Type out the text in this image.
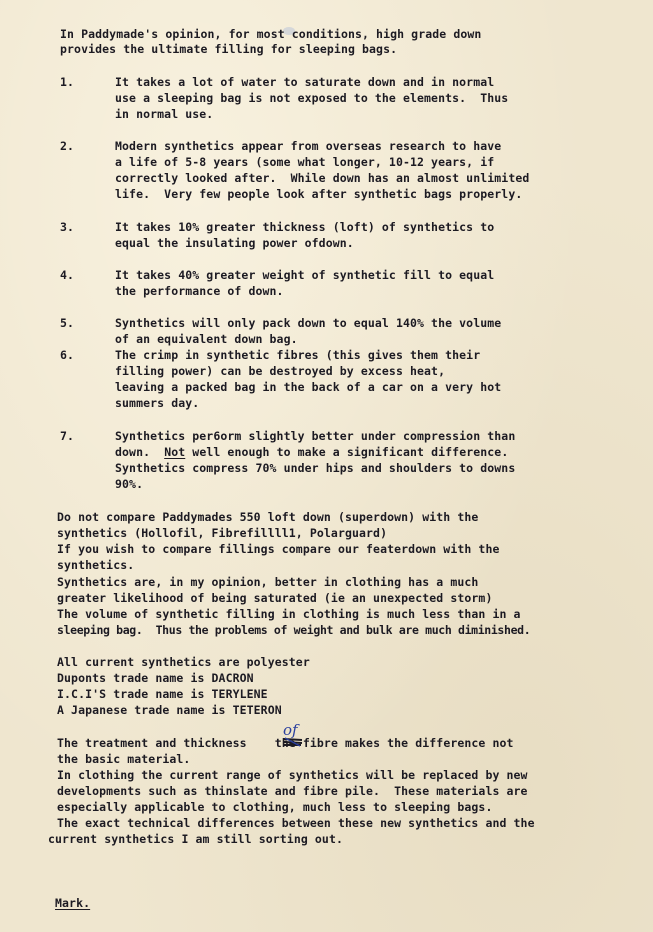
In Paddymade's opinion, for most conditions, high grade down
provides the ultimate filling for sleeping bags.
1.	It takes a lot of water to saturate down and in normal
use a sleeping bag is not exposed to the elements.  Thus
in normal use.
2.	Modern synthetics appear from overseas research to have
a life of 5-8 years (some what longer, 10-12 years, if
correctly looked after.  While down has an almost unlimited
life.  Very few people look after synthetic bags properly.
3.	It takes 10% greater thickness (loft) of synthetics to
equal the insulating power ofdown.
4.	It takes 40% greater weight of synthetic fill to equal
the performance of down.
5.	Synthetics will only pack down to equal 140% the volume
of an equivalent down bag.
6.	The crimp in synthetic fibres (this gives them their
filling power) can be destroyed by excess heat,
leaving a packed bag in the back of a car on a very hot
summers day.
7.	Synthetics per6orm slightly better under compression than
down. Not well enough to make a significant difference.
Synthetics compress 70% under hips and shoulders to downs
90%.
Do not compare Paddymades 550 loft down (superdown) with the
synthetics (Hollofil, Fibrefillll1, Polarguard)
If you wish to compare fillings compare our featerdown with the
synthetics.
Synthetics are, in my opinion, better in clothing has a much
greater likelihood of being saturated (ie an unexpected storm)
The volume of synthetic filling in clothing is much less than in a
sleeping bag.  Thus the problems of weight and bulk are much diminished.
All current synthetics are polyester
Duponts trade name is DACRON
I.C.I'S trade name is TERYLENE
A Japanese trade name is TETERON
The treatment and thickness the fibre makes the difference not
the basic material.
In clothing the current range of synthetics will be replaced by new
developments such as thinslate and fibre pile.  These materials are
especially applicable to clothing, much less to sleeping bags.
The exact technical differences between these new synthetics and the
current synthetics I am still sorting out.
Mark.
of
